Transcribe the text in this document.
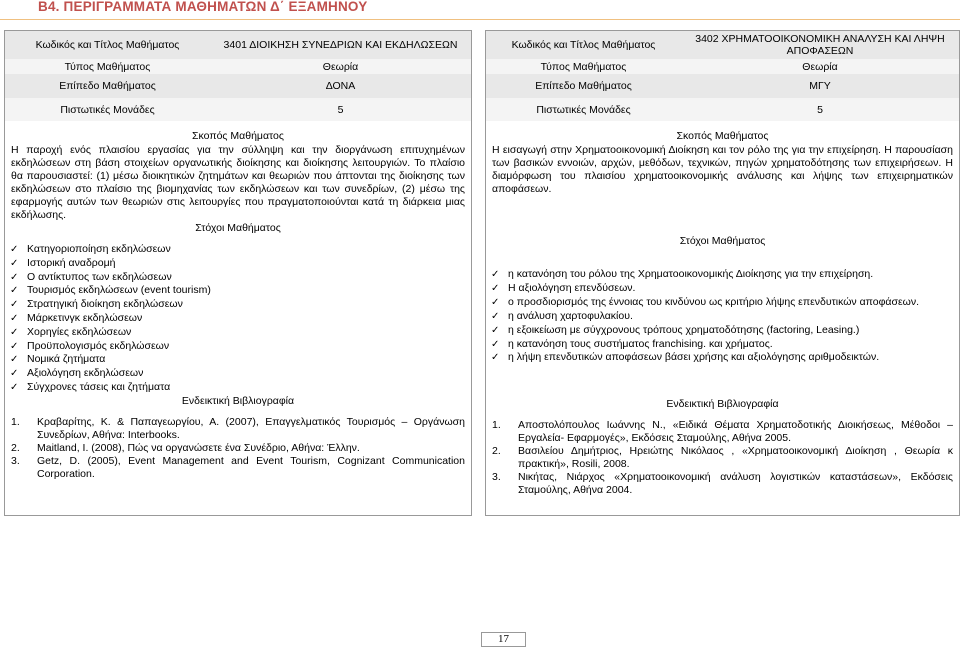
B4. ΠΕΡΙΓΡΑΜΜΑΤΑ ΜΑΘΗΜΑΤΩΝ Δ΄ ΕΞΑΜΗΝΟΥ
Κωδικός και Τίτλος Μαθήματος	3401 ΔΙΟΙΚΗΣΗ ΣΥΝΕΔΡΙΩΝ ΚΑΙ ΕΚΔΗΛΩΣΕΩΝ
Τύπος Μαθήματος	Θεωρία
Επίπεδο Μαθήματος	ΔΟΝΑ
Πιστωτικές Μονάδες	5
Σκοπός Μαθήματος

Η παροχή ενός πλαισίου εργασίας για την σύλληψη και την διοργάνωση επιτυχημένων εκδηλώσεων στη βάση στοιχείων οργανωτικής διοίκησης και διοίκησης λειτουργιών. Το πλαίσιο θα παρουσιαστεί: (1) μέσω διοικητικών ζητημάτων και θεωριών που άπτονται της διοίκησης των εκδηλώσεων στο πλαίσιο της βιομηχανίας των εκδηλώσεων και των συνεδρίων, (2) μέσω της εφαρμογής αυτών των θεωριών στις λειτουργίες που πραγματοποιούνται κατά τη διάρκεια μιας εκδήλωσης.

Στόχοι Μαθήματος
✓ Κατηγοριοποίηση εκδηλώσεων
✓ Ιστορική αναδρομή
✓ Ο αντίκτυπος των εκδηλώσεων
✓ Τουρισμός εκδηλώσεων (event tourism)
✓ Στρατηγική διοίκηση εκδηλώσεων
✓ Μάρκετινγκ εκδηλώσεων
✓ Χορηγίες εκδηλώσεων
✓ Προϋπολογισμός εκδηλώσεων
✓ Νομικά ζητήματα
✓ Αξιολόγηση εκδηλώσεων
✓ Σύγχρονες τάσεις και ζητήματα
Ενδεικτική Βιβλιογραφία
1.	Κραβαρίτης, Κ. & Παπαγεωργίου, Α. (2007), Επαγγελματικός Τουρισμός – Οργάνωση Συνεδρίων, Αθήνα: Interbooks.
2.	Maitland, I. (2008), Πώς να οργανώσετε ένα Συνέδριο, Αθήνα: Έλλην.
3.	Getz, D. (2005), Event Management and Event Tourism, Cognizant Communication Corporation.
Κωδικός και Τίτλος Μαθήματος	3402 ΧΡΗΜΑΤΟΟΙΚΟΝΟΜΙΚΗ ΑΝΑΛΥΣΗ ΚΑΙ ΛΗΨΗ ΑΠΟΦΑΣΕΩΝ
Τύπος Μαθήματος	Θεωρία
Επίπεδο Μαθήματος	ΜΓΥ
Πιστωτικές Μονάδες	5
Σκοπός Μαθήματος

Η εισαγωγή στην Χρηματοοικονομική Διοίκηση και τον ρόλο της για την επιχείρηση. Η παρουσίαση των βασικών εννοιών, αρχών, μεθόδων, τεχνικών, πηγών χρηματοδότησης των επιχειρήσεων. Η διαμόρφωση του πλαισίου χρηματοοικονομικής ανάλυσης και λήψης των επιχειρηματικών αποφάσεων.

Στόχοι Μαθήματος
✓ η κατανόηση του ρόλου της Χρηματοοικονομικής Διοίκησης για την επιχείρηση.
✓ Η αξιολόγηση επενδύσεων.
✓ ο προσδιορισμός της έννοιας του κινδύνου ως κριτήριο λήψης επενδυτικών αποφάσεων.
✓ η ανάλυση χαρτοφυλακίου.
✓ η εξοικείωση με σύγχρονους τρόπους χρηματοδότησης (factoring, Leasing.)
✓ η κατανόηση τους συστήματος franchising. και χρήματος.
✓ η λήψη επενδυτικών αποφάσεων βάσει χρήσης και αξιολόγησης αριθμοδεικτών.
Ενδεικτική Βιβλιογραφία
1.	Αποστολόπουλος Ιωάννης Ν., «Ειδικά Θέματα Χρηματοδοτικής Διοικήσεως, Μέθοδοι – Εργαλεία- Εφαρμογές», Εκδόσεις Σταμούλης, Αθήνα 2005.
2.	Βασιλείου Δημήτριος, Ηρειώτης Νικόλαος , «Χρηματοοικονομική Διοίκηση , Θεωρία κ πρακτική», Rosili, 2008.
3.	Νικήτας, Νιάρχος «Χρηματοοικονομική ανάλυση λογιστικών καταστάσεων», Εκδόσεις Σταμούλης, Αθήνα 2004.
17
